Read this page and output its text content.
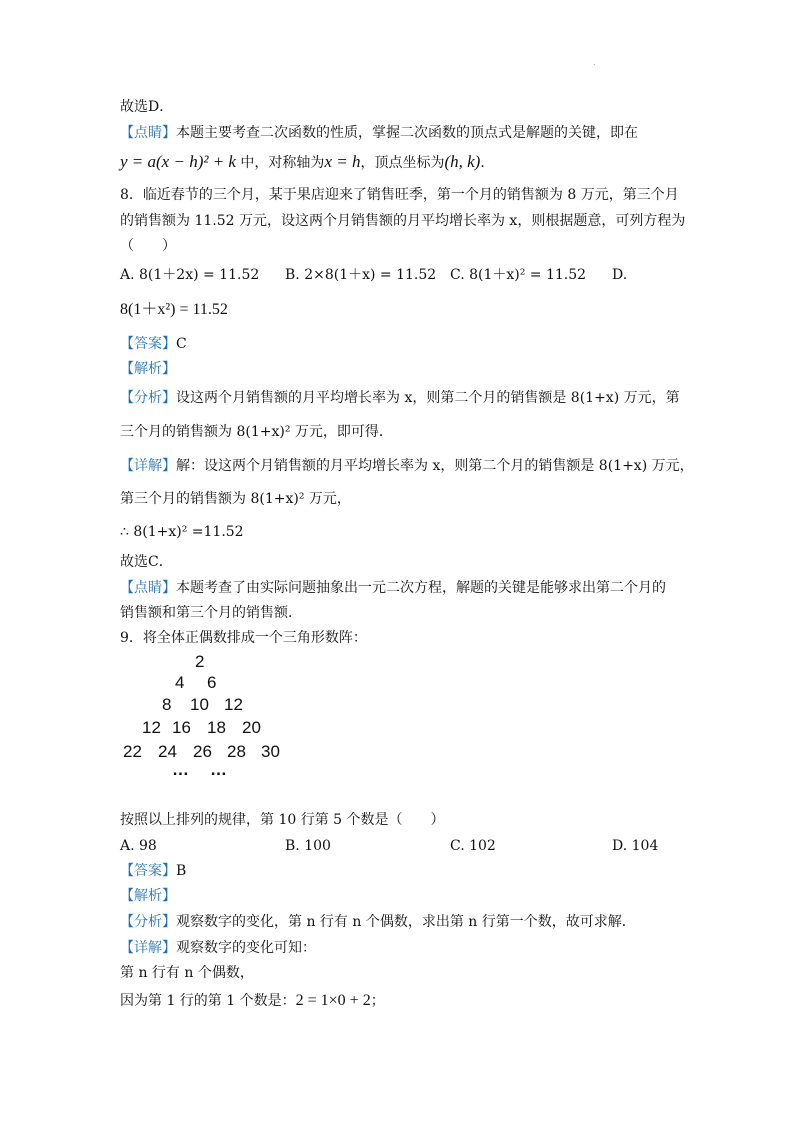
.
故选D．
【点睛】本题主要考查二次函数的性质，掌握二次函数的顶点式是解题的关键，即在
y = a(x − h)² + k 中，对称轴为x = h，顶点坐标为(h, k)．
8．临近春节的三个月，某于果店迎来了销售旺季，第一个月的销售额为 8 万元，第三个月
的销售额为 11.52 万元，设这两个月销售额的月平均增长率为 x，则根据题意，可列方程为
（　　）
A. 8(1＋2x) = 11.52 B. 2×8(1＋x) = 11.52 C. 8(1＋x)² = 11.52 D.
8(1＋x²) = 11.52
【答案】C
【解析】
【分析】设这两个月销售额的月平均增长率为 x，则第二个月的销售额是 8(1+x) 万元，第
三个月的销售额为 8(1+x)² 万元，即可得．
【详解】解：设这两个月销售额的月平均增长率为 x，则第二个月的销售额是 8(1+x) 万元，
第三个月的销售额为 8(1+x)² 万元，
∴ 8(1+x)² =11.52
故选C．
【点睛】本题考查了由实际问题抽象出一元二次方程，解题的关键是能够求出第二个月的
销售额和第三个月的销售额．
9．将全体正偶数排成一个三角形数阵：
2
4 6
8 10 12
12 16 18 20
22 24 26 28 30
… …
按照以上排列的规律，第 10 行第 5 个数是（　　）
A. 98	B. 100	C. 102	D. 104
【答案】B
【解析】
【分析】观察数字的变化，第 n 行有 n 个偶数，求出第 n 行第一个数，故可求解．
【详解】观察数字的变化可知：
第 n 行有 n 个偶数，
因为第 1 行的第 1 个数是：2 = 1×0 + 2；
